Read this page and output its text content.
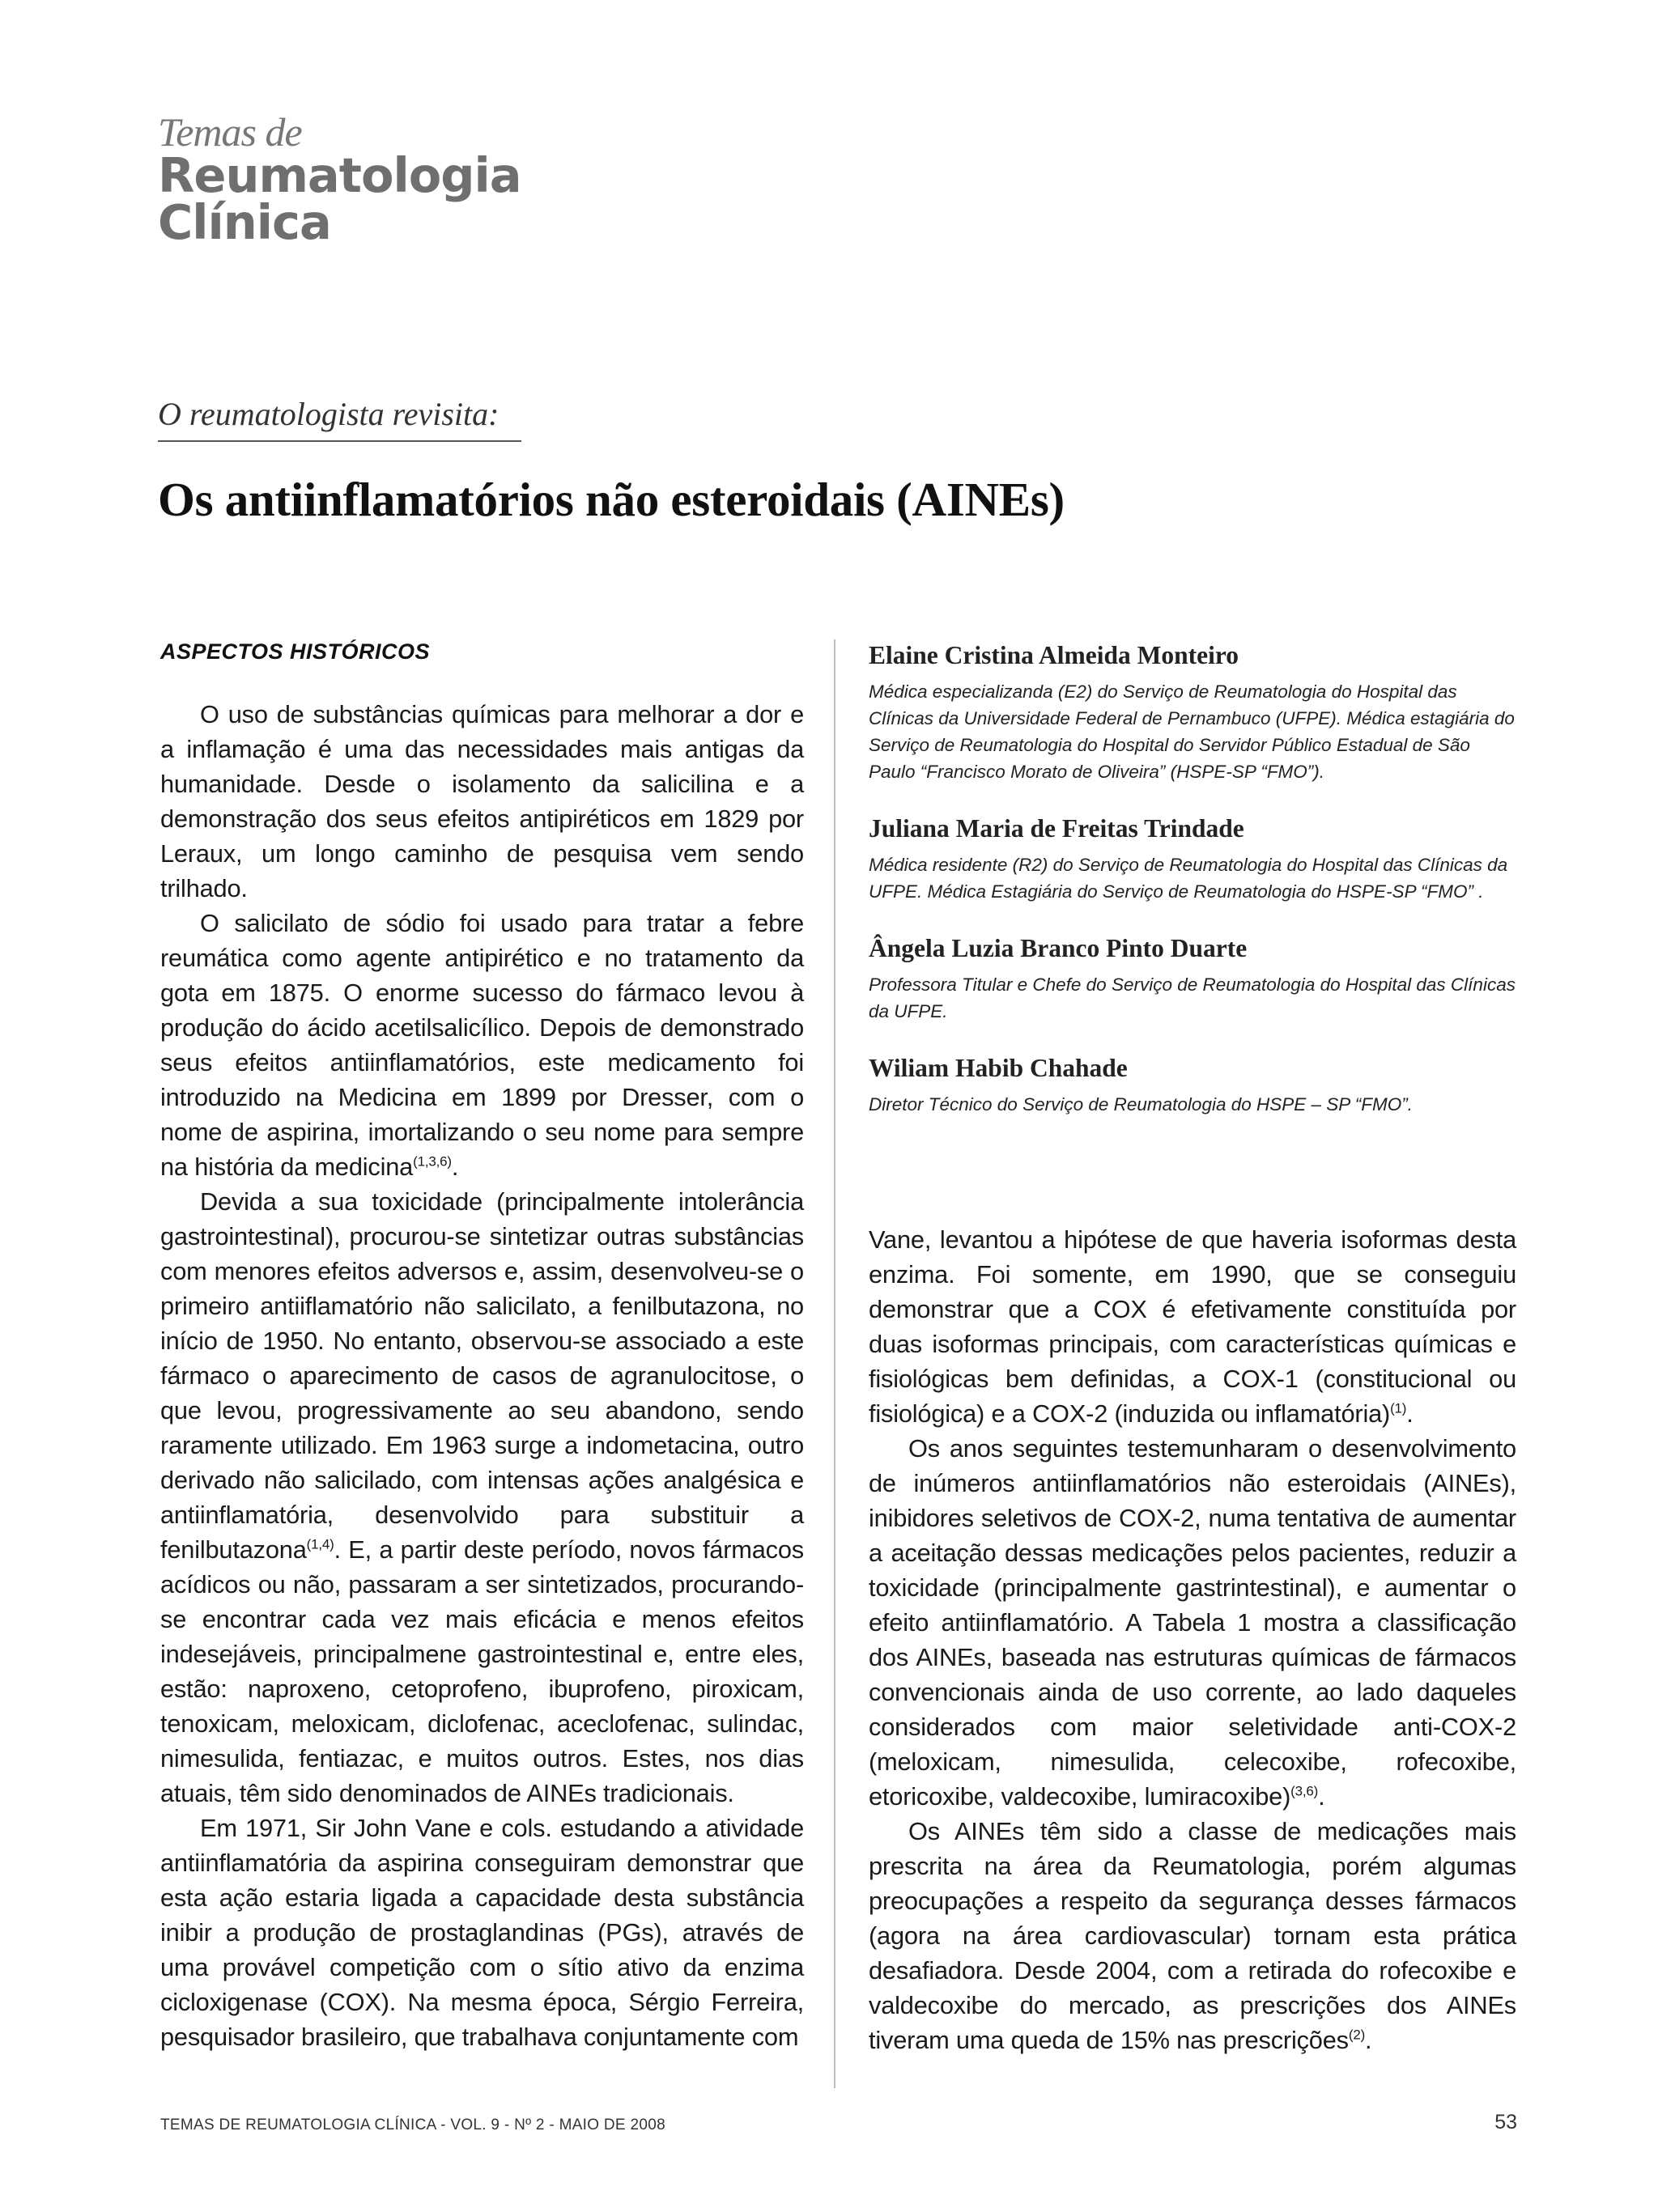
Temas de
Reumatologia
Clínica
O reumatologista revisita:
Os antiinflamatórios não esteroidais (AINEs)
ASPECTOS HISTÓRICOS

O uso de substâncias químicas para melhorar a dor e a inflamação é uma das necessidades mais antigas da humanidade. Desde o isolamento da salicilina e a demonstração dos seus efeitos antipiréticos em 1829 por Leraux, um longo caminho de pesquisa vem sendo trilhado.

O salicilato de sódio foi usado para tratar a febre reumática como agente antipirético e no tratamento da gota em 1875. O enorme sucesso do fármaco levou à produção do ácido acetilsalicílico. Depois de demonstrado seus efeitos antiinflamatórios, este medicamento foi introduzido na Medicina em 1899 por Dresser, com o nome de aspirina, imortalizando o seu nome para sempre na história da medicina$^{(1,3,6)}$.

Devida a sua toxicidade (principalmente intolerância gastrointestinal), procurou-se sintetizar outras substâncias com menores efeitos adversos e, assim, desenvolveu-se o primeiro antiiflamatório não salicilato, a fenilbutazona, no início de 1950. No entanto, observou-se associado a este fármaco o aparecimento de casos de agranulocitose, o que levou, progressivamente ao seu abandono, sendo raramente utilizado. Em 1963 surge a indometacina, outro derivado não salicilado, com intensas ações analgésica e antiinflamatória, desenvolvido para substituir a fenilbutazona$^{(1,4)}$. E, a partir deste período, novos fármacos acídicos ou não, passaram a ser sintetizados, procurando-se encontrar cada vez mais eficácia e menos efeitos indesejáveis, principalmene gastrointestinal e, entre eles, estão: naproxeno, cetoprofeno, ibuprofeno, piroxicam, tenoxicam, meloxicam, diclofenac, aceclofenac, sulindac, nimesulida, fentiazac, e muitos outros. Estes, nos dias atuais, têm sido denominados de AINEs tradicionais.

Em 1971, Sir John Vane e cols. estudando a atividade antiinflamatória da aspirina conseguiram demonstrar que esta ação estaria ligada a capacidade desta substância inibir a produção de prostaglandinas (PGs), através de uma provável competição com o sítio ativo da enzima cicloxigenase (COX). Na mesma época, Sérgio Ferreira, pesquisador brasileiro, que trabalhava conjuntamente com

Elaine Cristina Almeida Monteiro
Médica especializanda (E2) do Serviço de Reumatologia do Hospital das Clínicas da Universidade Federal de Pernambuco (UFPE). Médica estagiária do Serviço de Reumatologia do Hospital do Servidor Público Estadual de São Paulo “Francisco Morato de Oliveira” (HSPE-SP “FMO”).
Juliana Maria de Freitas Trindade
Médica residente (R2) do Serviço de Reumatologia do Hospital das Clínicas da UFPE. Médica Estagiária do Serviço de Reumatologia do HSPE-SP “FMO” .
Ângela Luzia Branco Pinto Duarte
Professora Titular e Chefe do Serviço de Reumatologia do Hospital das Clínicas da UFPE.
Wiliam Habib Chahade
Diretor Técnico do Serviço de Reumatologia do HSPE – SP “FMO”.

Vane, levantou a hipótese de que haveria isoformas desta enzima. Foi somente, em 1990, que se conseguiu demonstrar que a COX é efetivamente constituída por duas isoformas principais, com características químicas e fisiológicas bem definidas, a COX-1 (constitucional ou fisiológica) e a COX-2 (induzida ou inflamatória)$^{(1)}$.

Os anos seguintes testemunharam o desenvolvimento de inúmeros antiinflamatórios não esteroidais (AINEs), inibidores seletivos de COX-2, numa tentativa de aumentar a aceitação dessas medicações pelos pacientes, reduzir a toxicidade (principalmente gastrintestinal), e aumentar o efeito antiinflamatório. A Tabela 1 mostra a classificação dos AINEs, baseada nas estruturas químicas de fármacos convencionais ainda de uso corrente, ao lado daqueles considerados com maior seletividade anti-COX-2 (meloxicam, nimesulida, celecoxibe, rofecoxibe, etoricoxibe, valdecoxibe, lumiracoxibe)$^{(3,6)}$.

Os AINEs têm sido a classe de medicações mais prescrita na área da Reumatologia, porém algumas preocupações a respeito da segurança desses fármacos (agora na área cardiovascular) tornam esta prática desafiadora. Desde 2004, com a retirada do rofecoxibe e valdecoxibe do mercado, as prescrições dos AINEs tiveram uma queda de 15% nas prescrições$^{(2)}$.

TEMAS DE REUMATOLOGIA CLÍNICA - VOL. 9 - Nº 2 - MAIO DE 2008	53
